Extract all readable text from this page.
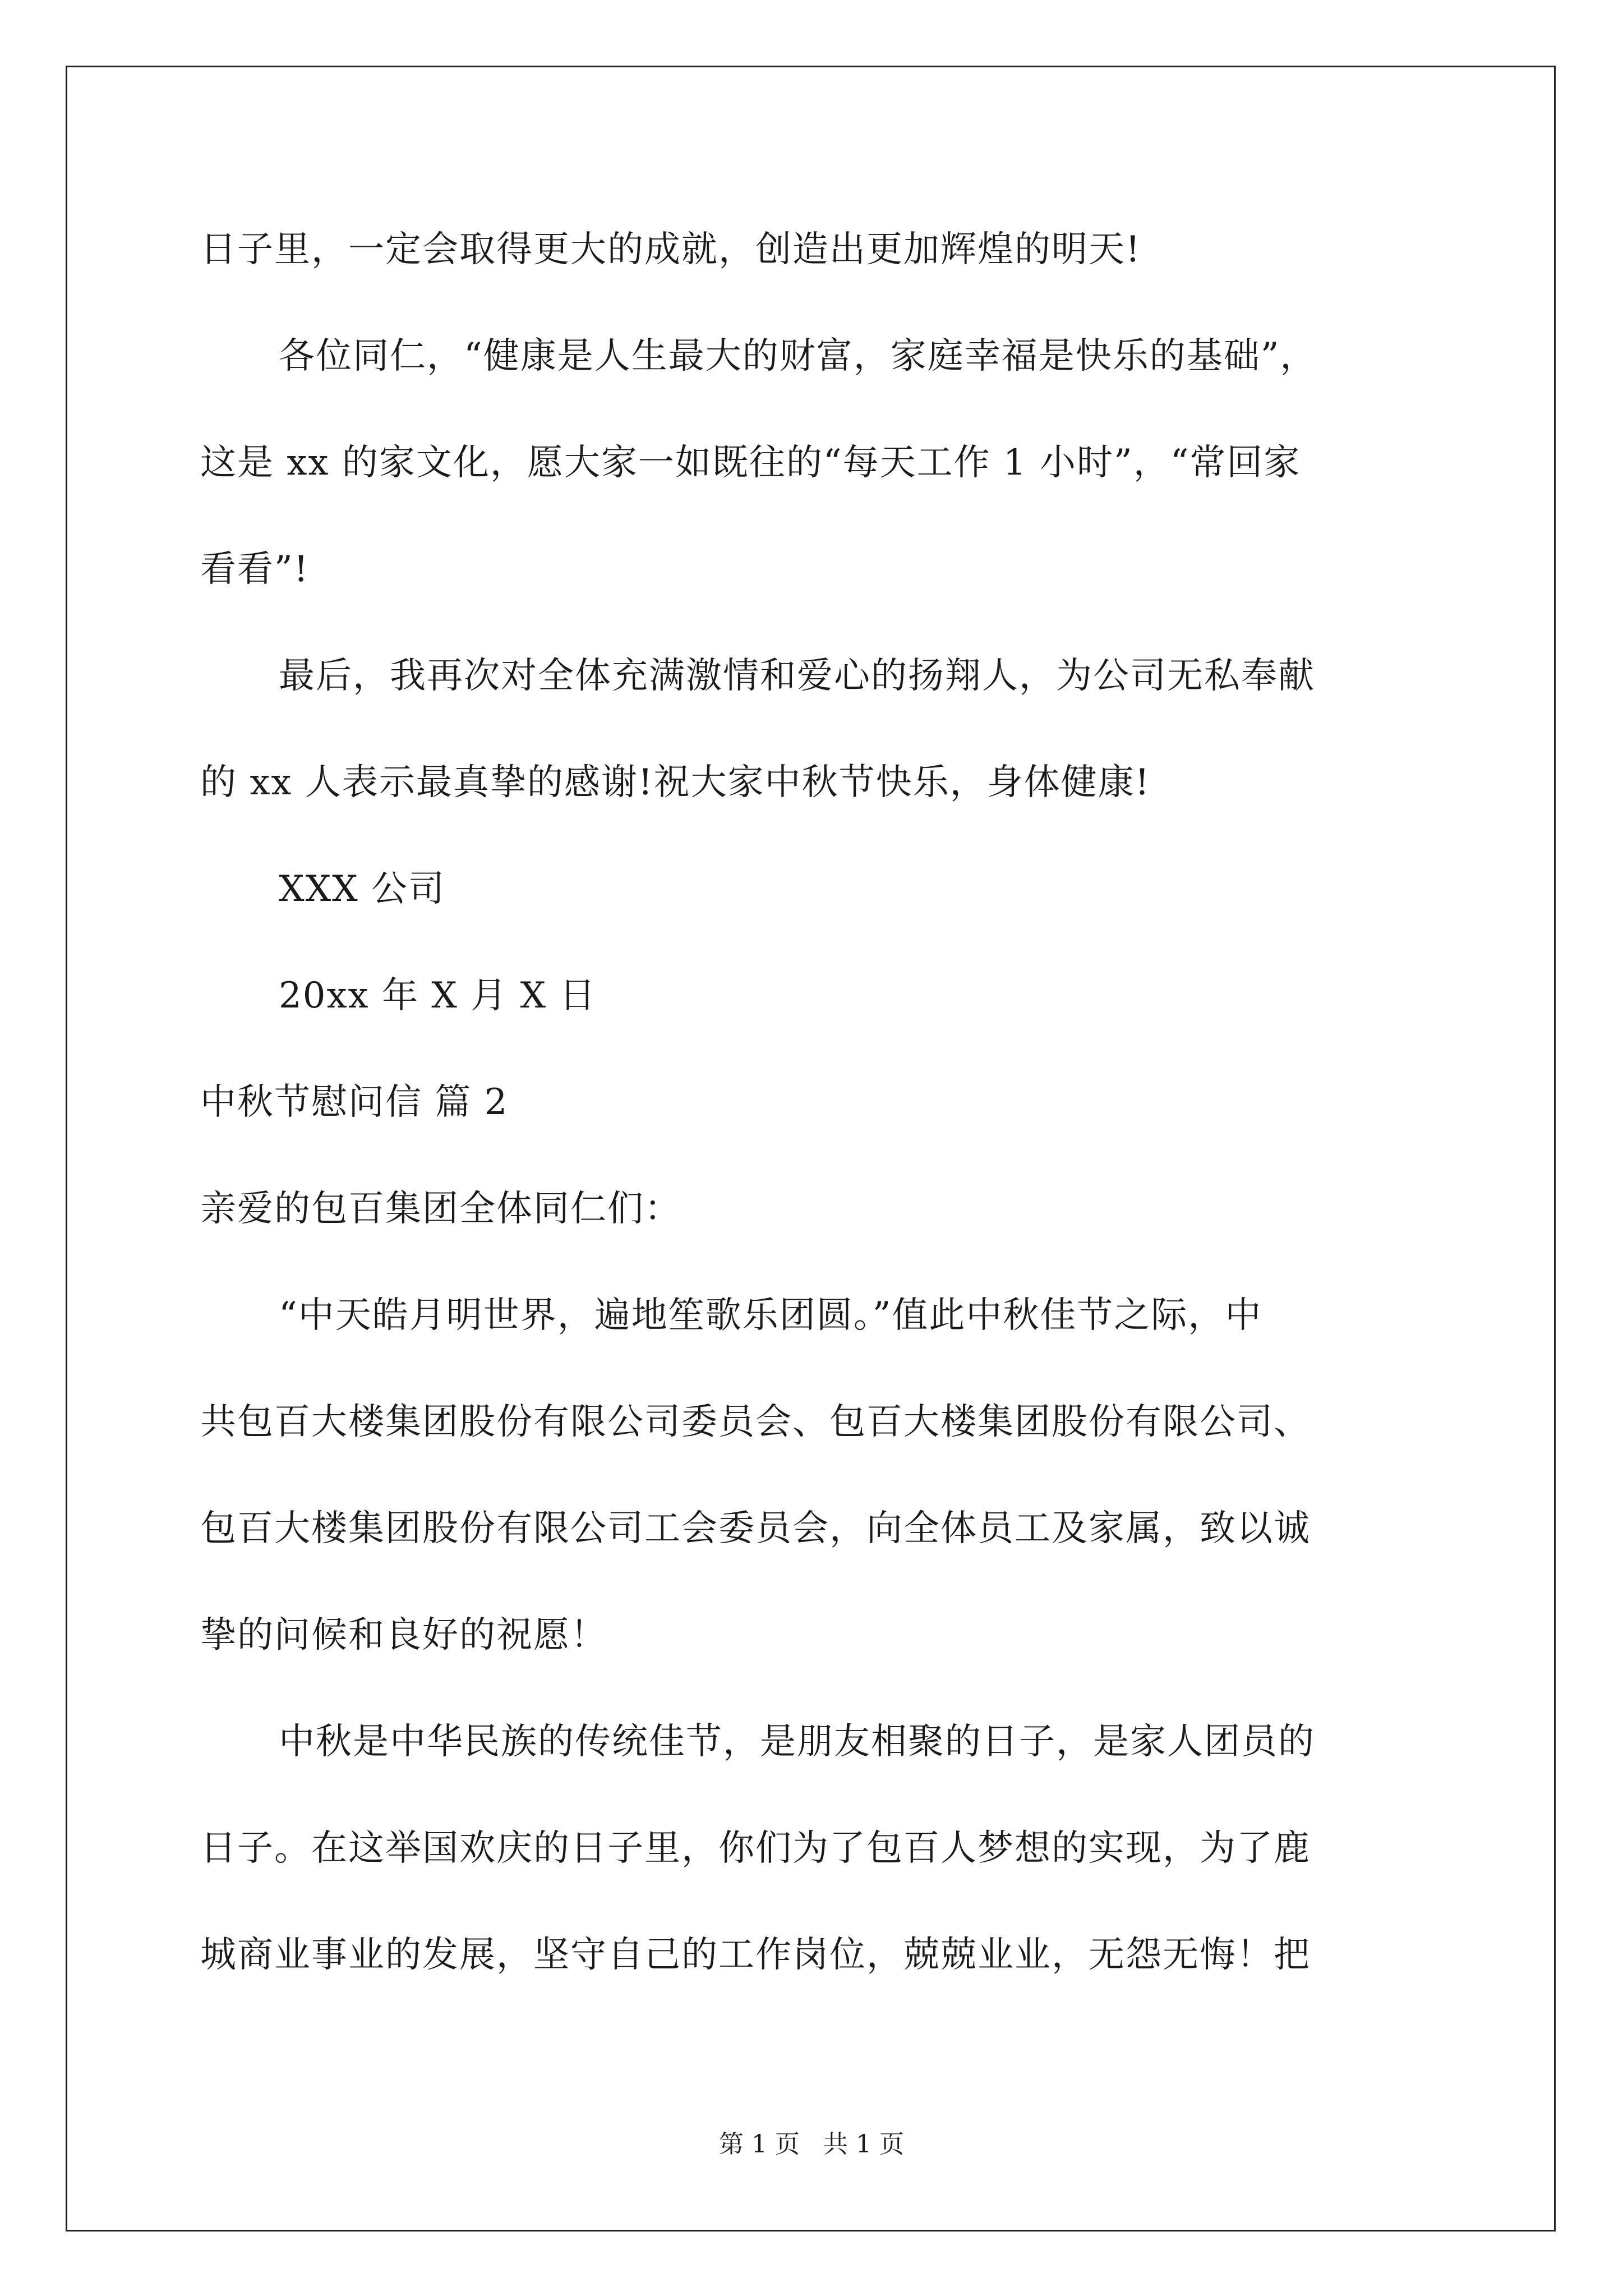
日子里，一定会取得更大的成就，创造出更加辉煌的明天!
各位同仁，“健康是人生最大的财富，家庭幸福是快乐的基础”，
这是 xx 的家文化，愿大家一如既往的“每天工作 1 小时”，“常回家
看看”!
最后，我再次对全体充满激情和爱心的扬翔人，为公司无私奉献
的 xx 人表示最真挚的感谢!祝大家中秋节快乐，身体健康!
XXX 公司
20xx 年 X 月 X 日
中秋节慰问信 篇 2
亲爱的包百集团全体同仁们：
“中天皓月明世界，遍地笙歌乐团圆。”值此中秋佳节之际，中
共包百大楼集团股份有限公司委员会、包百大楼集团股份有限公司、
包百大楼集团股份有限公司工会委员会，向全体员工及家属，致以诚
挚的问候和良好的祝愿！
中秋是中华民族的传统佳节，是朋友相聚的日子，是家人团员的
日子。在这举国欢庆的日子里，你们为了包百人梦想的实现，为了鹿
城商业事业的发展，坚守自己的工作岗位，兢兢业业，无怨无悔！把
第 1 页 共 1 页
